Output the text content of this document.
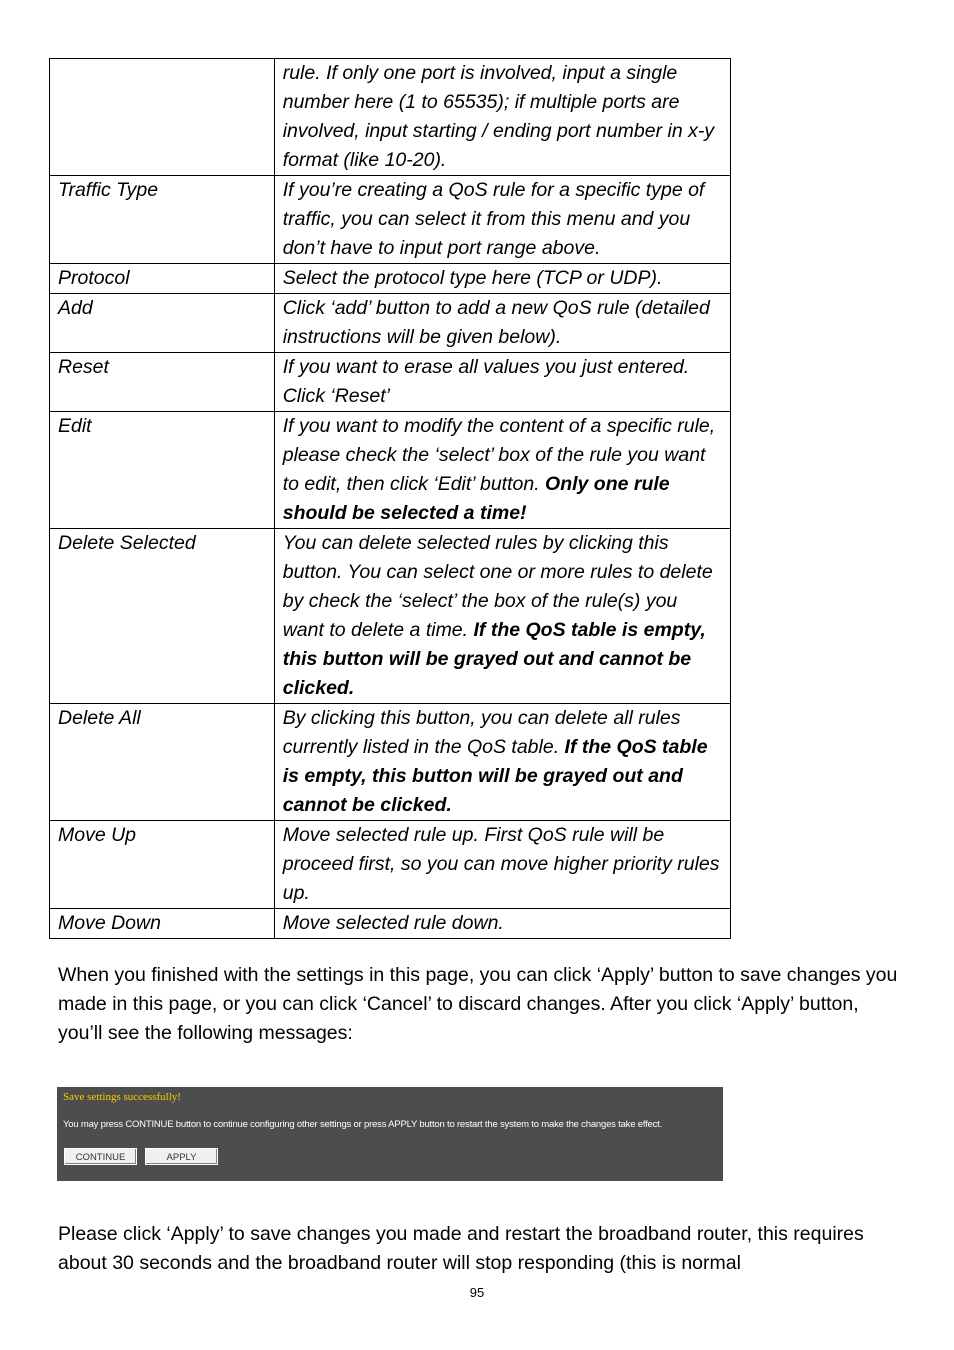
	rule. If only one port is involved, input a single number here (1 to 65535); if multiple ports are involved, input starting / ending port number in x-y format (like 10-20).
Traffic Type	If you’re creating a QoS rule for a specific type of traffic, you can select it from this menu and you don’t have to input port range above.
Protocol	Select the protocol type here (TCP or UDP).
Add	Click ‘add’ button to add a new QoS rule (detailed instructions will be given below).
Reset	If you want to erase all values you just entered. Click ‘Reset’
Edit	If you want to modify the content of a specific rule, please check the ‘select’ box of the rule you want to edit, then click ‘Edit’ button. Only one rule should be selected a time!
Delete Selected	You can delete selected rules by clicking this button. You can select one or more rules to delete by check the ‘select’ the box of the rule(s) you want to delete a time. If the QoS table is empty, this button will be grayed out and cannot be clicked.
Delete All	By clicking this button, you can delete all rules currently listed in the QoS table. If the QoS table is empty, this button will be grayed out and cannot be clicked.
Move Up	Move selected rule up. First QoS rule will be proceed first, so you can move higher priority rules up.
Move Down	Move selected rule down.

When you finished with the settings in this page, you can click ‘Apply’ button to save changes you made in this page, or you can click ‘Cancel’ to discard changes. After you click ‘Apply’ button, you’ll see the following messages:

Save settings successfully!
You may press CONTINUE button to continue configuring other settings or press APPLY button to restart the system to make the changes take effect.
CONTINUE	APPLY

Please click ‘Apply’ to save changes you made and restart the broadband router, this requires about 30 seconds and the broadband router will stop responding (this is normal

95
